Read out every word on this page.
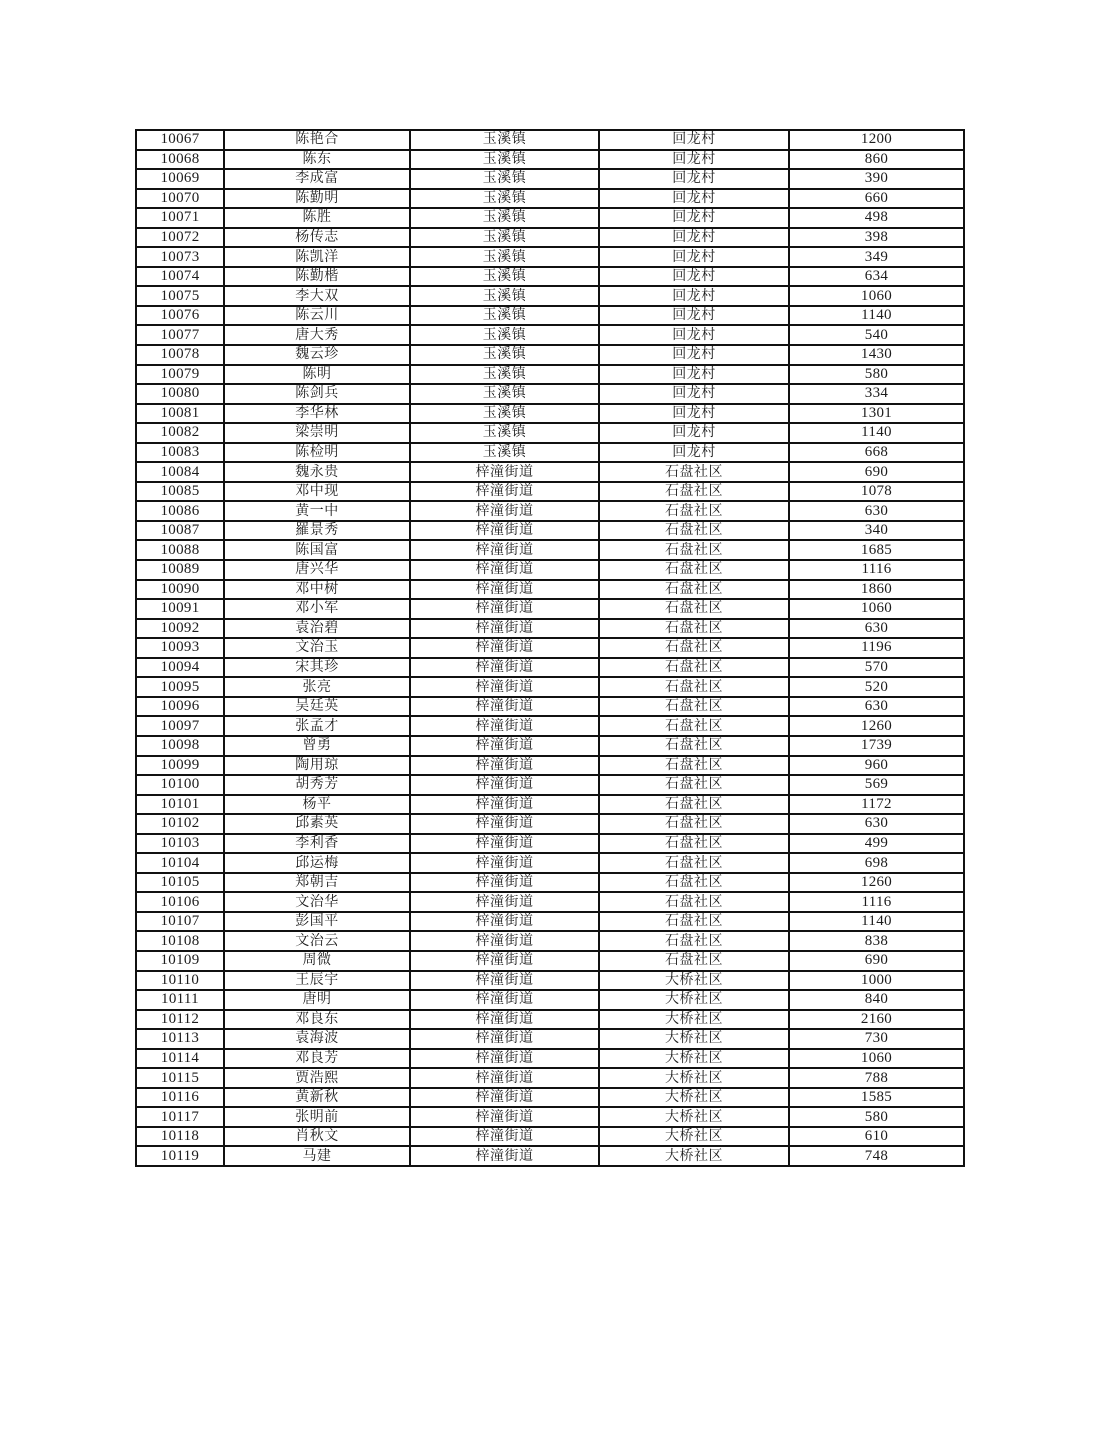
10067	陈艳合	玉溪镇	回龙村	1200
10068	陈东	玉溪镇	回龙村	860
10069	李成富	玉溪镇	回龙村	390
10070	陈勤明	玉溪镇	回龙村	660
10071	陈胜	玉溪镇	回龙村	498
10072	杨传志	玉溪镇	回龙村	398
10073	陈凯洋	玉溪镇	回龙村	349
10074	陈勤楷	玉溪镇	回龙村	634
10075	李大双	玉溪镇	回龙村	1060
10076	陈云川	玉溪镇	回龙村	1140
10077	唐大秀	玉溪镇	回龙村	540
10078	魏云珍	玉溪镇	回龙村	1430
10079	陈明	玉溪镇	回龙村	580
10080	陈剑兵	玉溪镇	回龙村	334
10081	李华林	玉溪镇	回龙村	1301
10082	梁崇明	玉溪镇	回龙村	1140
10083	陈检明	玉溪镇	回龙村	668
10084	魏永贵	梓潼街道	石盘社区	690
10085	邓中现	梓潼街道	石盘社区	1078
10086	黄一中	梓潼街道	石盘社区	630
10087	羅景秀	梓潼街道	石盘社区	340
10088	陈国富	梓潼街道	石盘社区	1685
10089	唐兴华	梓潼街道	石盘社区	1116
10090	邓中树	梓潼街道	石盘社区	1860
10091	邓小军	梓潼街道	石盘社区	1060
10092	袁治碧	梓潼街道	石盘社区	630
10093	文治玉	梓潼街道	石盘社区	1196
10094	宋其珍	梓潼街道	石盘社区	570
10095	张亮	梓潼街道	石盘社区	520
10096	吴廷英	梓潼街道	石盘社区	630
10097	张孟才	梓潼街道	石盘社区	1260
10098	曾勇	梓潼街道	石盘社区	1739
10099	陶用琼	梓潼街道	石盘社区	960
10100	胡秀芳	梓潼街道	石盘社区	569
10101	杨平	梓潼街道	石盘社区	1172
10102	邱素英	梓潼街道	石盘社区	630
10103	李利香	梓潼街道	石盘社区	499
10104	邱运梅	梓潼街道	石盘社区	698
10105	郑朝吉	梓潼街道	石盘社区	1260
10106	文治华	梓潼街道	石盘社区	1116
10107	彭国平	梓潼街道	石盘社区	1140
10108	文治云	梓潼街道	石盘社区	838
10109	周微	梓潼街道	石盘社区	690
10110	王辰宇	梓潼街道	大桥社区	1000
10111	唐明	梓潼街道	大桥社区	840
10112	邓良东	梓潼街道	大桥社区	2160
10113	袁海波	梓潼街道	大桥社区	730
10114	邓良芳	梓潼街道	大桥社区	1060
10115	贾浩熙	梓潼街道	大桥社区	788
10116	黄新秋	梓潼街道	大桥社区	1585
10117	张明前	梓潼街道	大桥社区	580
10118	肖秋文	梓潼街道	大桥社区	610
10119	马建	梓潼街道	大桥社区	748
